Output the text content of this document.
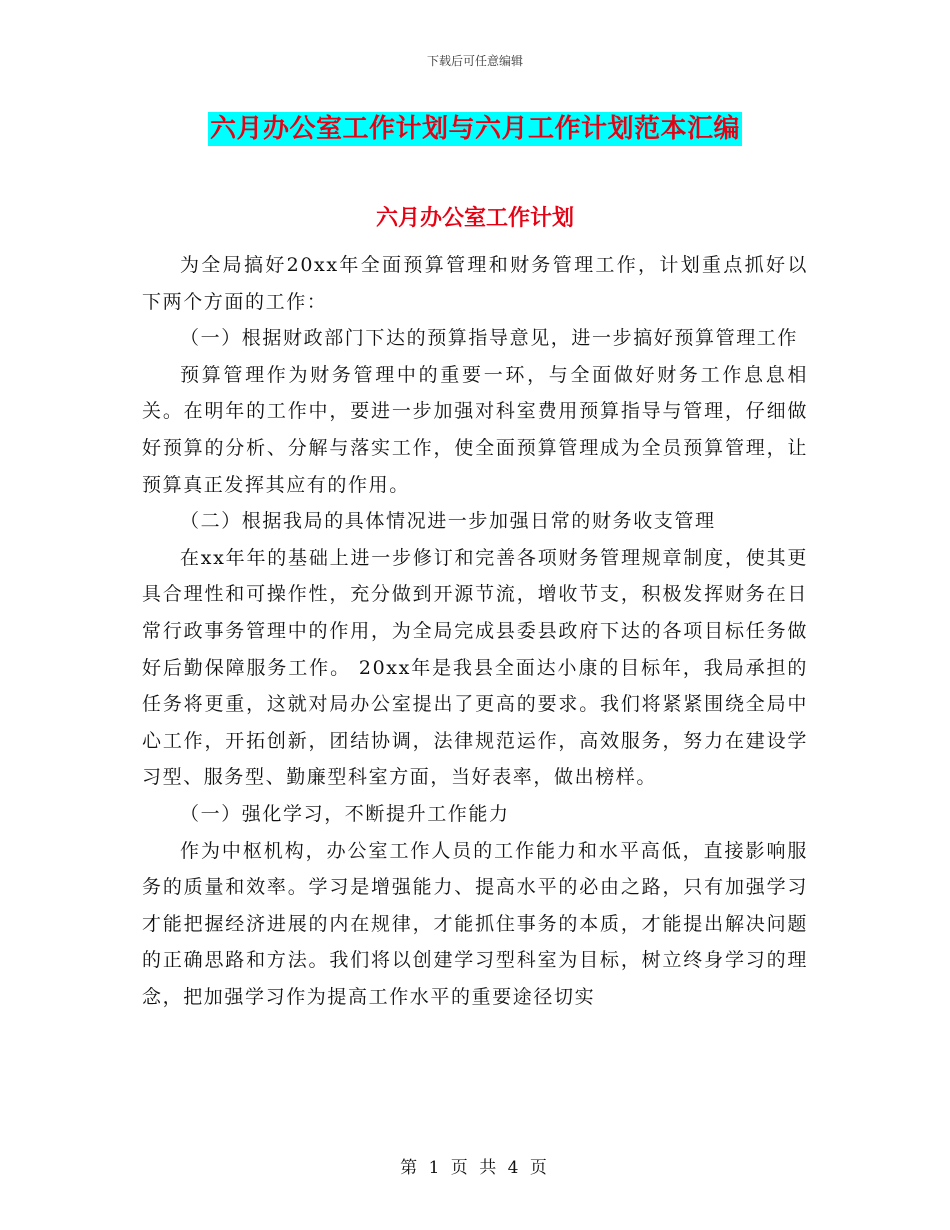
下载后可任意编辑
六月办公室工作计划与六月工作计划范本汇编
六月办公室工作计划

为全局搞好20xx年全面预算管理和财务管理工作，计划重点抓好以下两个方面的工作：

（一）根据财政部门下达的预算指导意见，进一步搞好预算管理工作

预算管理作为财务管理中的重要一环，与全面做好财务工作息息相关。在明年的工作中，要进一步加强对科室费用预算指导与管理，仔细做好预算的分析、分解与落实工作，使全面预算管理成为全员预算管理，让预算真正发挥其应有的作用。

（二）根据我局的具体情况进一步加强日常的财务收支管理

在xx年年的基础上进一步修订和完善各项财务管理规章制度，使其更具合理性和可操作性，充分做到开源节流，增收节支，积极发挥财务在日常行政事务管理中的作用，为全局完成县委县政府下达的各项目标任务做好后勤保障服务工作。 20xx年是我县全面达小康的目标年，我局承担的任务将更重，这就对局办公室提出了更高的要求。我们将紧紧围绕全局中心工作，开拓创新，团结协调，法律规范运作，高效服务，努力在建设学习型、服务型、勤廉型科室方面，当好表率，做出榜样。

（一）强化学习，不断提升工作能力

作为中枢机构，办公室工作人员的工作能力和水平高低，直接影响服务的质量和效率。学习是增强能力、提高水平的必由之路，只有加强学习才能把握经济进展的内在规律，才能抓住事务的本质，才能提出解决问题的正确思路和方法。我们将以创建学习型科室为目标，树立终身学习的理念，把加强学习作为提高工作水平的重要途径切实

第 1 页 共 4 页
